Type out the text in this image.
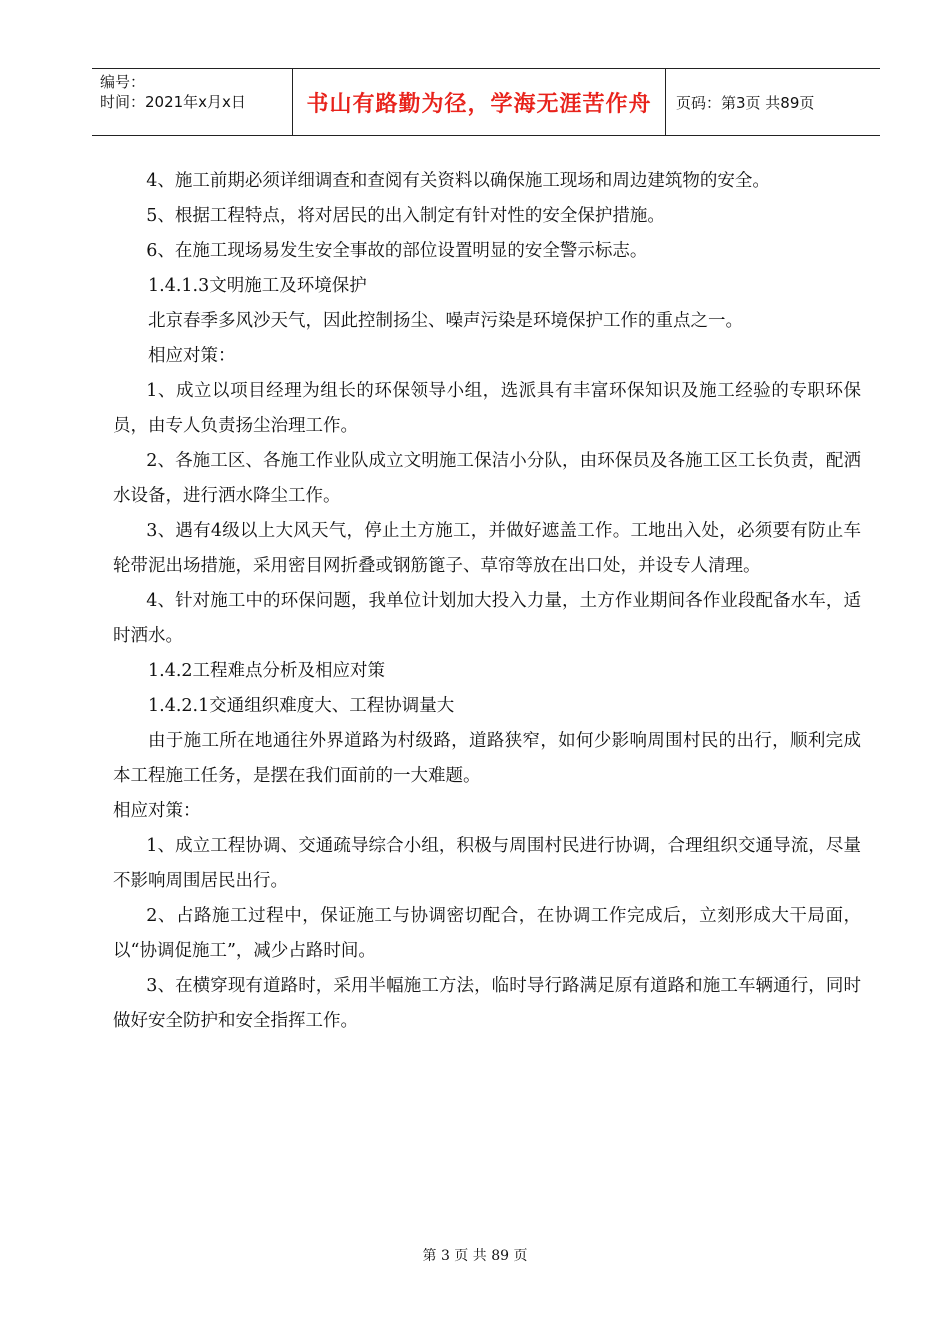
编号：
时间：2021年x月x日	书山有路勤为径，学海无涯苦作舟	页码：第3页 共89页

4、施工前期必须详细调查和查阅有关资料以确保施工现场和周边建筑物的安全。

5、根据工程特点，将对居民的出入制定有针对性的安全保护措施。

6、在施工现场易发生安全事故的部位设置明显的安全警示标志。

1.4.1.3文明施工及环境保护

北京春季多风沙天气，因此控制扬尘、噪声污染是环境保护工作的重点之一。

相应对策：

1、成立以项目经理为组长的环保领导小组，选派具有丰富环保知识及施工经验的专职环保员，由专人负责扬尘治理工作。

2、各施工区、各施工作业队成立文明施工保洁小分队，由环保员及各施工区工长负责，配洒水设备，进行洒水降尘工作。

3、遇有4级以上大风天气，停止土方施工，并做好遮盖工作。工地出入处，必须要有防止车轮带泥出场措施，采用密目网折叠或钢筋篦子、草帘等放在出口处，并设专人清理。

4、针对施工中的环保问题，我单位计划加大投入力量，土方作业期间各作业段配备水车，适时洒水。

1.4.2工程难点分析及相应对策

1.4.2.1交通组织难度大、工程协调量大

由于施工所在地通往外界道路为村级路，道路狭窄，如何少影响周围村民的出行，顺利完成本工程施工任务，是摆在我们面前的一大难题。

相应对策：

1、成立工程协调、交通疏导综合小组，积极与周围村民进行协调，合理组织交通导流，尽量不影响周围居民出行。

2、占路施工过程中，保证施工与协调密切配合，在协调工作完成后，立刻形成大干局面，以“协调促施工”，减少占路时间。

3、在横穿现有道路时，采用半幅施工方法，临时导行路满足原有道路和施工车辆通行，同时做好安全防护和安全指挥工作。

第 3 页 共 89 页
